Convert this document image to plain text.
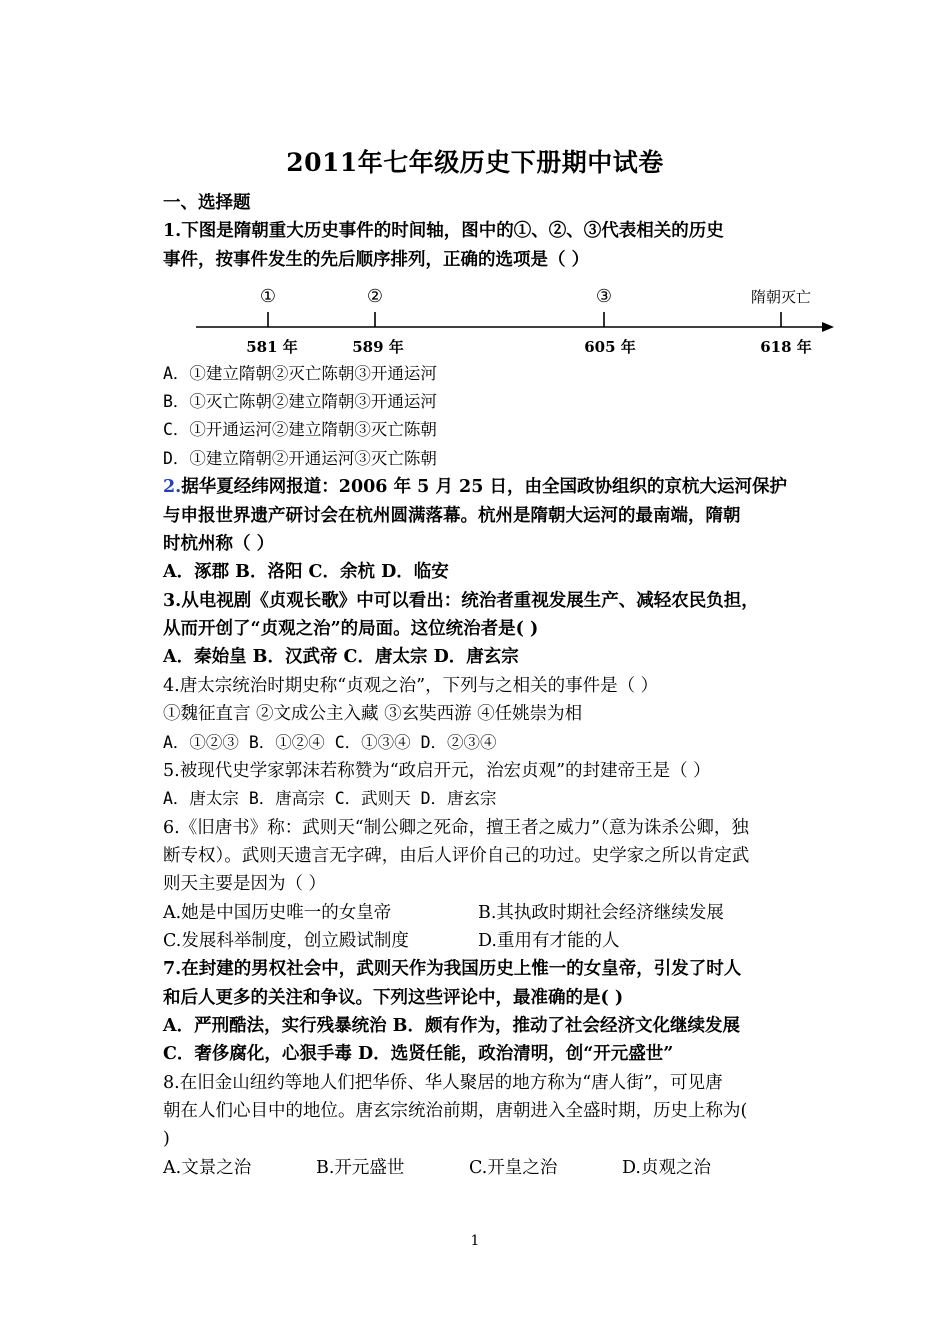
2011年七年级历史下册期中试卷
一、选择题
1.下图是隋朝重大历史事件的时间轴，图中的①、②、③代表相关的历史
事件，按事件发生的先后顺序排列，正确的选项是（ ）
①	②	③	隋朝灭亡
581 年	589 年	605 年	618 年
A．①建立隋朝②灭亡陈朝③开通运河
B．①灭亡陈朝②建立隋朝③开通运河
C．①开通运河②建立隋朝③灭亡陈朝
D．①建立隋朝②开通运河③灭亡陈朝
2.据华夏经纬网报道：2006 年 5 月 25 日，由全国政协组织的京杭大运河保护
与申报世界遗产研讨会在杭州圆满落幕。杭州是隋朝大运河的最南端，隋朝
时杭州称（ ）
A．涿郡 B．洛阳 C．余杭 D．临安
3.从电视剧《贞观长歌》中可以看出：统治者重视发展生产、减轻农民负担，
从而开创了“贞观之治”的局面。这位统治者是( )
A．秦始皇 B．汉武帝 C．唐太宗 D．唐玄宗
4.唐太宗统治时期史称“贞观之治”，下列与之相关的事件是（ ）
①魏征直言 ②文成公主入藏 ③玄奘西游 ④任姚崇为相
A．①②③ B．①②④ C．①③④ D．②③④
5.被现代史学家郭沫若称赞为“政启开元，治宏贞观”的封建帝王是（ ）
A．唐太宗 B．唐高宗 C．武则天 D．唐玄宗
6.《旧唐书》称：武则天“制公卿之死命，擅王者之威力”（意为诛杀公卿，独
断专权）。武则天遗言无字碑，由后人评价自己的功过。史学家之所以肯定武
则天主要是因为（ ）
A.她是中国历史唯一的女皇帝	B.其执政时期社会经济继续发展
C.发展科举制度，创立殿试制度	D.重用有才能的人
7.在封建的男权社会中，武则天作为我国历史上惟一的女皇帝，引发了时人
和后人更多的关注和争议。下列这些评论中，最准确的是( )
A．严刑酷法，实行残暴统治 B．颇有作为，推动了社会经济文化继续发展
C．奢侈腐化，心狠手毒 D．选贤任能，政治清明，创“开元盛世”
8.在旧金山纽约等地人们把华侨、华人聚居的地方称为“唐人街”，可见唐
朝在人们心目中的地位。唐玄宗统治前期，唐朝进入全盛时期，历史上称为(
)
A.文景之治	B.开元盛世	C.开皇之治	D.贞观之治
1
